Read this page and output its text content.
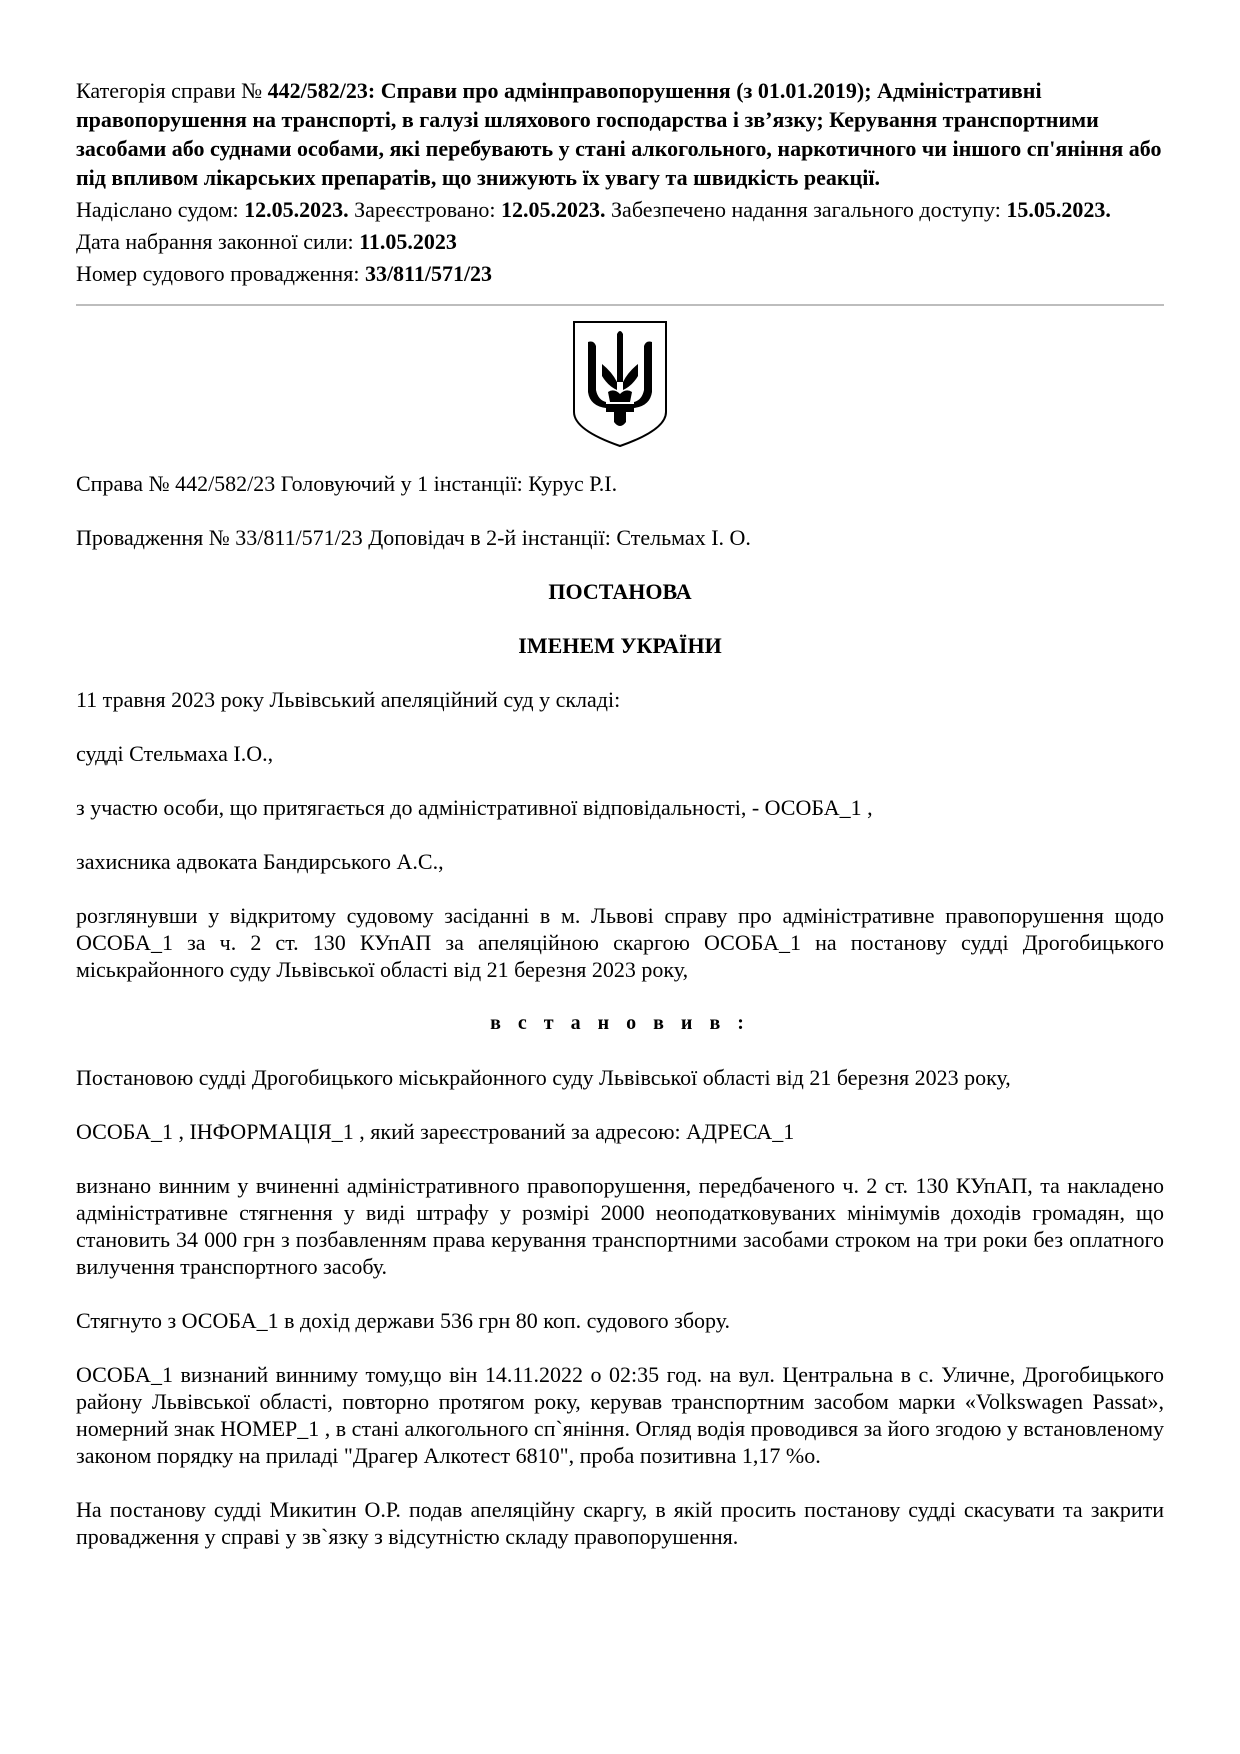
Категорія справи № 442/582/23: Справи про адмінправопорушення (з 01.01.2019); Адміністративні правопорушення на транспорті, в галузі шляхового господарства і зв’язку; Керування транспортними засобами або суднами особами, які перебувають у стані алкогольного, наркотичного чи іншого сп'яніння або під впливом лікарських препаратів, що знижують їх увагу та швидкість реакції.
Надіслано судом: 12.05.2023. Зареєстровано: 12.05.2023. Забезпечено надання загального доступу: 15.05.2023.
Дата набрання законної сили: 11.05.2023
Номер судового провадження: 33/811/571/23

Справа № 442/582/23 Головуючий у 1 інстанції: Курус Р.І.

Провадження № 33/811/571/23 Доповідач в 2-й інстанції: Стельмах І. О.

ПОСТАНОВА

ІМЕНЕМ УКРАЇНИ

11 травня 2023 року Львівський апеляційний суд у складі:

судді Стельмаха І.О.,

з участю особи, що притягається до адміністративної відповідальності, - ОСОБА_1 ,

захисника адвоката Бандирського А.С.,

розглянувши у відкритому судовому засіданні в м. Львові справу про адміністративне правопорушення щодо ОСОБА_1 за ч. 2 ст. 130 КУпАП за апеляційною скаргою ОСОБА_1 на постанову судді Дрогобицького міськрайонного суду Львівської області від 21 березня 2023 року,

в с т а н о в и в :

Постановою судді Дрогобицького міськрайонного суду Львівської області від 21 березня 2023 року,

ОСОБА_1 , ІНФОРМАЦІЯ_1 , який зареєстрований за адресою: АДРЕСА_1

визнано винним у вчиненні адміністративного правопорушення, передбаченого ч. 2 ст. 130 КУпАП, та накладено адміністративне стягнення у виді штрафу у розмірі 2000 неоподатковуваних мінімумів доходів громадян, що становить 34 000 грн з позбавленням права керування транспортними засобами строком на три роки без оплатного вилучення транспортного засобу.

Стягнуто з ОСОБА_1 в дохід держави 536 грн 80 коп. судового збору.

ОСОБА_1 визнаний винниму тому,що він 14.11.2022 о 02:35 год. на вул. Центральна в с. Уличне, Дрогобицького району Львівської області, повторно протягом року, керував транспортним засобом марки «Volkswagen Passat», номерний знак НОМЕР_1 , в стані алкогольного сп`яніння. Огляд водія проводився за його згодою у встановленому законом порядку на приладі "Драгер Алкотест 6810", проба позитивна 1,17 %о.

На постанову судді Микитин О.Р. подав апеляційну скаргу, в якій просить постанову судді скасувати та закрити провадження у справі у зв`язку з відсутністю складу правопорушення.
